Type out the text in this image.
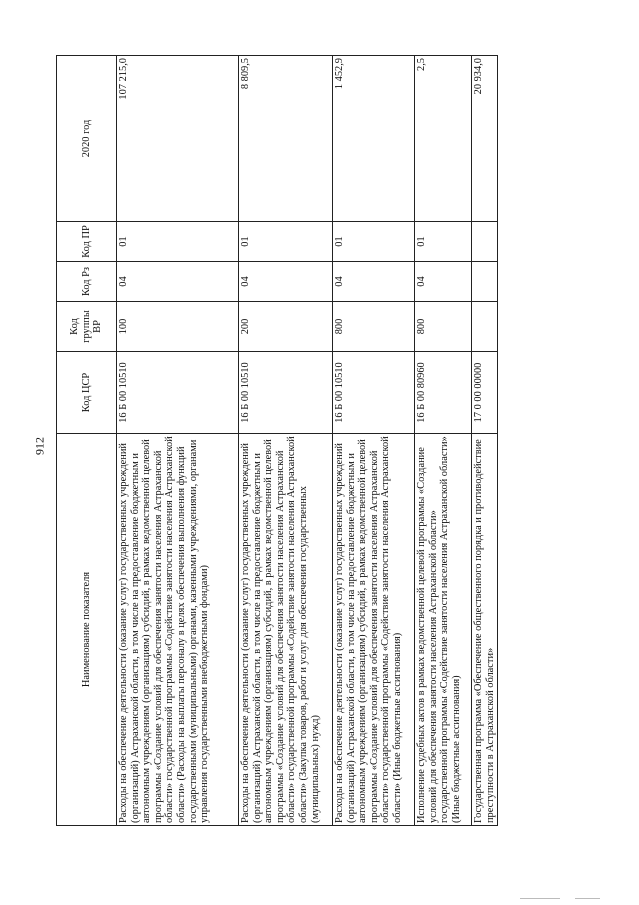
912
Наименование показателя	Код ЦСР	Код группы ВР	Код Рз	Код ПР	2020 год
Расходы на обеспечение деятельности (оказание услуг) государственных учреждений (организаций) Астраханской области, в том числе на предоставление бюджетным и автономным учреждениям (организациям) субсидий, в рамках ведомственной целевой программы «Создание условий для обеспечения занятости населения Астраханской области» государственной программы «Содействие занятости населения Астраханской области» (Расходы на выплаты персоналу в целях обеспечения выполнения функций государственными (муниципальными) органами, казенными учреждениями, органами управления государственными внебюджетными фондами)	16 Б 00 10510	100	04	01	107 215,0
Расходы на обеспечение деятельности (оказание услуг) государственных учреждений (организаций) Астраханской области, в том числе на предоставление бюджетным и автономным учреждениям (организациям) субсидий, в рамках ведомственной целевой программы «Создание условий для обеспечения занятости населения Астраханской области» государственной программы «Содействие занятости населения Астраханской области» (Закупка товаров, работ и услуг для обеспечения государственных (муниципальных) нужд)	16 Б 00 10510	200	04	01	8 809,5
Расходы на обеспечение деятельности (оказание услуг) государственных учреждений (организаций) Астраханской области, в том числе на предоставление бюджетным и автономным учреждениям (организациям) субсидий, в рамках ведомственной целевой программы «Создание условий для обеспечения занятости населения Астраханской области» государственной программы «Содействие занятости населения Астраханской области» (Иные бюджетные ассигнования)	16 Б 00 10510	800	04	01	1 452,9
Исполнение судебных актов в рамках ведомственной целевой программы «Создание условий для обеспечения занятости населения Астраханской области» государственной программы «Содействие занятости населения Астраханской области» (Иные бюджетные ассигнования)	16 Б 00 80960	800	04	01	2,5
Государственная программа «Обеспечение общественного порядка и противодействие преступности в Астраханской области»	17 0 00 00000				20 934,0
